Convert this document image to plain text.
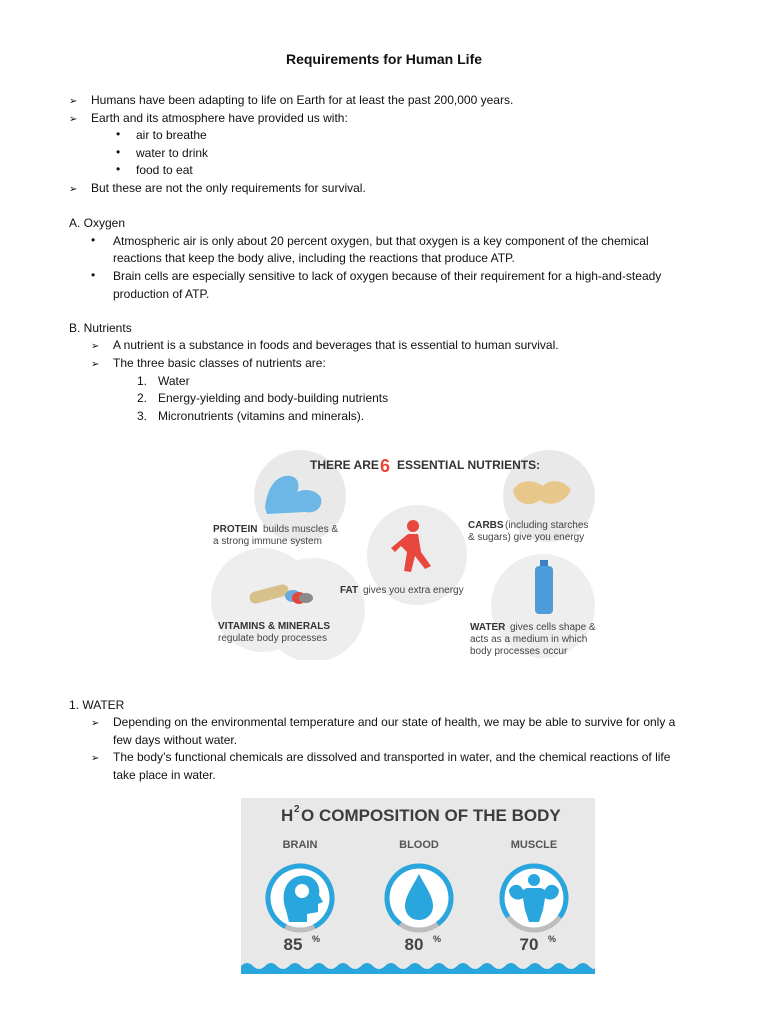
Requirements for Human Life
➢ Humans have been adapting to life on Earth for at least the past 200,000 years.
➢ Earth and its atmosphere have provided us with:
• air to breathe
• water to drink
• food to eat
➢ But these are not the only requirements for survival.
A. Oxygen
• Atmospheric air is only about 20 percent oxygen, but that oxygen is a key component of the chemical
reactions that keep the body alive, including the reactions that produce ATP.
• Brain cells are especially sensitive to lack of oxygen because of their requirement for a high-and-steady
production of ATP.
B. Nutrients
➢ A nutrient is a substance in foods and beverages that is essential to human survival.
➢ The three basic classes of nutrients are:
1. Water
2. Energy-yielding and body-building nutrients
3. Micronutrients (vitamins and minerals).
THERE ARE 6 ESSENTIAL NUTRIENTS:
PROTEIN builds muscles &
a strong immune system
CARBS (including starches
& sugars) give you energy
FAT gives you extra energy
VITAMINS & MINERALS
regulate body processes
WATER gives cells shape &
acts as a medium in which
body processes occur
1. WATER
➢ Depending on the environmental temperature and our state of health, we may be able to survive for only a
few days without water.
➢ The body’s functional chemicals are dissolved and transported in water, and the chemical reactions of life
take place in water.
H 2 O COMPOSITION OF THE BODY
BRAIN	BLOOD	MUSCLE
85 %	80 %	70 %
